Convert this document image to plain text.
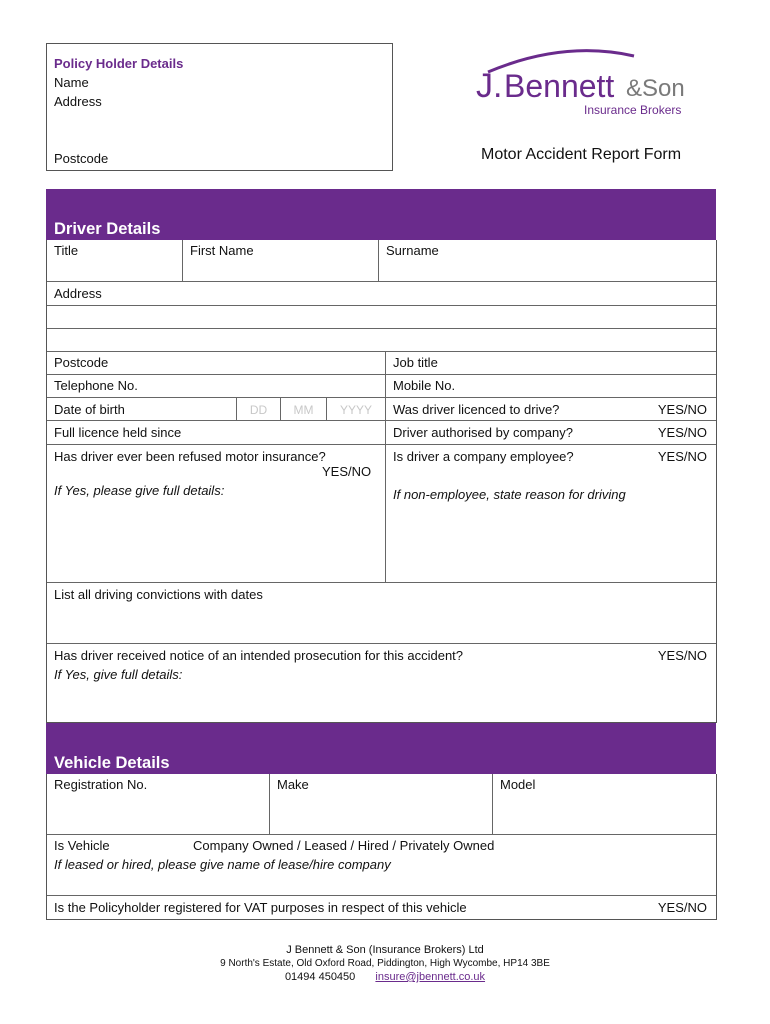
Policy Holder Details
Name
Address
Postcode
J. Bennett &Son
Insurance Brokers
Motor Accident Report Form
Driver Details
Title	First Name	Surname
Address
Postcode	Job title
Telephone No.	Mobile No.
Date of birth	DD	MM	YYYY	Was driver licenced to drive?	YES/NO
Full licence held since	Driver authorised by company?	YES/NO
Has driver ever been refused motor insurance?
YES/NO
If Yes, please give full details:
Is driver a company employee?	YES/NO
If non-employee, state reason for driving
List all driving convictions with dates
Has driver received notice of an intended prosecution for this accident?	YES/NO
If Yes, give full details:
Vehicle Details
Registration No.	Make	Model
Is Vehicle	Company Owned / Leased / Hired / Privately Owned
If leased or hired, please give name of lease/hire company
Is the Policyholder registered for VAT purposes in respect of this vehicle	YES/NO
J Bennett & Son (Insurance Brokers) Ltd
9 North's Estate, Old Oxford Road, Piddington, High Wycombe, HP14 3BE
01494 450450 insure@jbennett.co.uk
